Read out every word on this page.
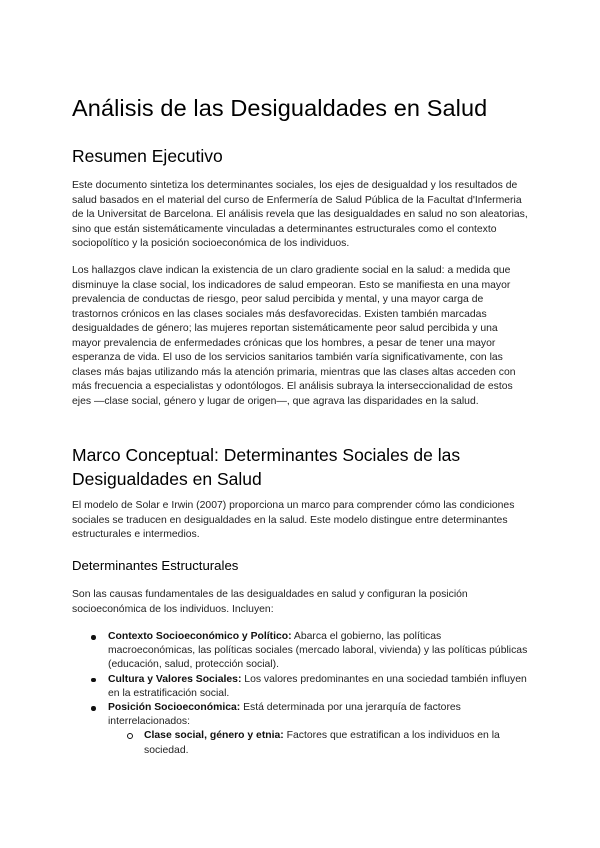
Análisis de las Desigualdades en Salud
Resumen Ejecutivo

Este documento sintetiza los determinantes sociales, los ejes de desigualdad y los resultados de salud basados en el material del curso de Enfermería de Salud Pública de la Facultat d'Infermeria de la Universitat de Barcelona. El análisis revela que las desigualdades en salud no son aleatorias, sino que están sistemáticamente vinculadas a determinantes estructurales como el contexto sociopolítico y la posición socioeconómica de los individuos.

Los hallazgos clave indican la existencia de un claro gradiente social en la salud: a medida que disminuye la clase social, los indicadores de salud empeoran. Esto se manifiesta en una mayor prevalencia de conductas de riesgo, peor salud percibida y mental, y una mayor carga de trastornos crónicos en las clases sociales más desfavorecidas. Existen también marcadas desigualdades de género; las mujeres reportan sistemáticamente peor salud percibida y una mayor prevalencia de enfermedades crónicas que los hombres, a pesar de tener una mayor esperanza de vida. El uso de los servicios sanitarios también varía significativamente, con las clases más bajas utilizando más la atención primaria, mientras que las clases altas acceden con más frecuencia a especialistas y odontólogos. El análisis subraya la interseccionalidad de estos ejes —clase social, género y lugar de origen—, que agrava las disparidades en la salud.

Marco Conceptual: Determinantes Sociales de las Desigualdades en Salud

El modelo de Solar e Irwin (2007) proporciona un marco para comprender cómo las condiciones sociales se traducen en desigualdades en la salud. Este modelo distingue entre determinantes estructurales e intermedios.

Determinantes Estructurales

Son las causas fundamentales de las desigualdades en salud y configuran la posición socioeconómica de los individuos. Incluyen:

Contexto Socioeconómico y Político: Abarca el gobierno, las políticas macroeconómicas, las políticas sociales (mercado laboral, vivienda) y las políticas públicas (educación, salud, protección social).
Cultura y Valores Sociales: Los valores predominantes en una sociedad también influyen en la estratificación social.
Posición Socioeconómica: Está determinada por una jerarquía de factores interrelacionados:
Clase social, género y etnia: Factores que estratifican a los individuos en la sociedad.
